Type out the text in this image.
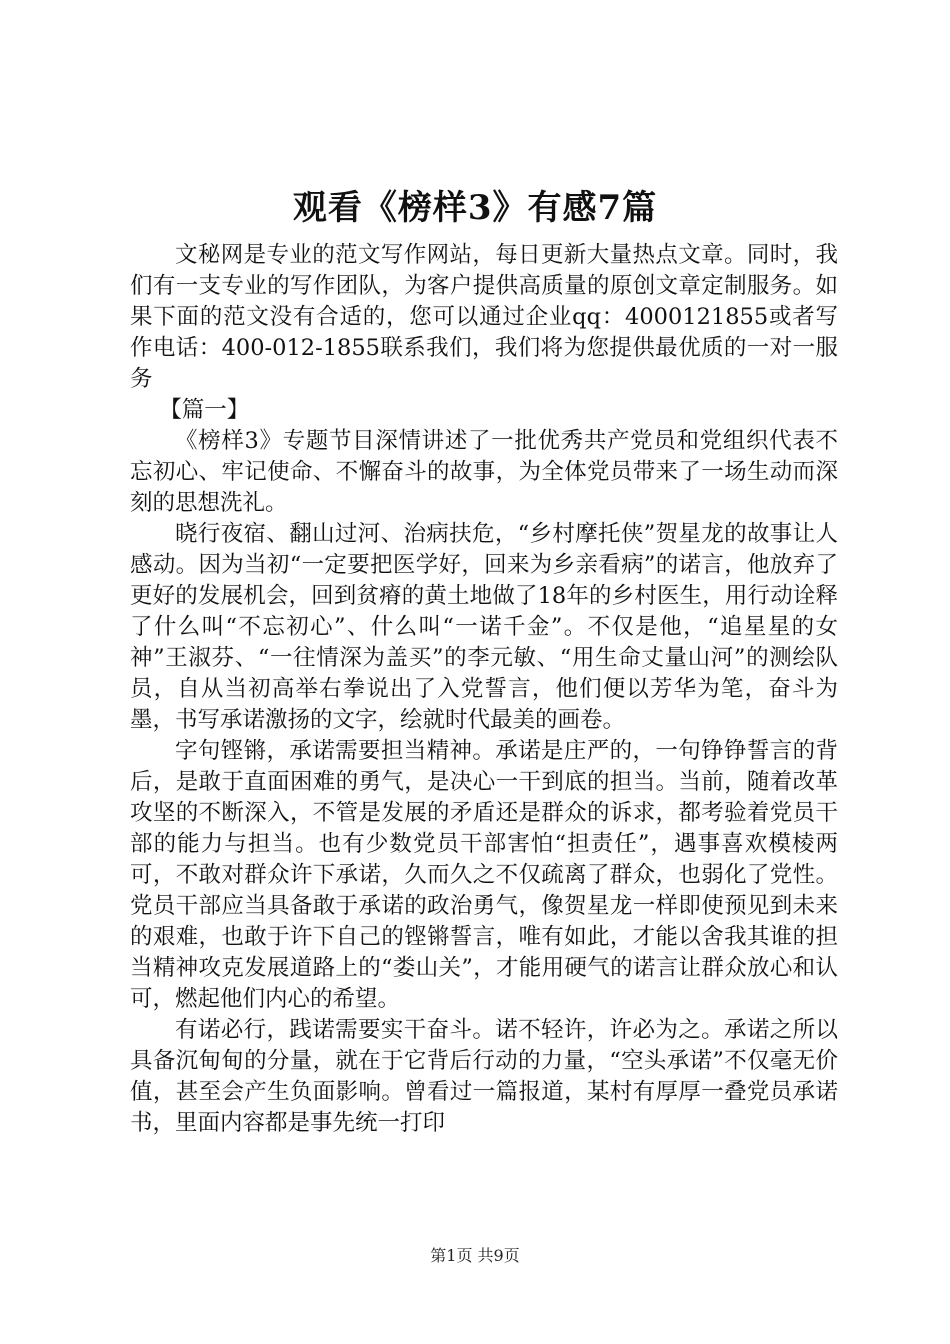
观看《榜样3》有感7篇

文秘网是专业的范文写作网站，每日更新大量热点文章。同时，我们有一支专业的写作团队，为客户提供高质量的原创文章定制服务。如果下面的范文没有合适的，您可以通过企业qq：4000121855或者写作电话：400-012-1855联系我们，我们将为您提供最优质的一对一服务

【篇一】

《榜样3》专题节目深情讲述了一批优秀共产党员和党组织代表不忘初心、牢记使命、不懈奋斗的故事，为全体党员带来了一场生动而深刻的思想洗礼。

晓行夜宿、翻山过河、治病扶危，“乡村摩托侠”贺星龙的故事让人感动。因为当初“一定要把医学好，回来为乡亲看病”的诺言，他放弃了更好的发展机会，回到贫瘠的黄土地做了18年的乡村医生，用行动诠释了什么叫“不忘初心”、什么叫“一诺千金”。不仅是他，“追星星的女神”王淑芬、“一往情深为盖买”的李元敏、“用生命丈量山河”的测绘队员，自从当初高举右拳说出了入党誓言，他们便以芳华为笔，奋斗为墨，书写承诺激扬的文字，绘就时代最美的画卷。

字句铿锵，承诺需要担当精神。承诺是庄严的，一句铮铮誓言的背后，是敢于直面困难的勇气，是决心一干到底的担当。当前，随着改革攻坚的不断深入，不管是发展的矛盾还是群众的诉求，都考验着党员干部的能力与担当。也有少数党员干部害怕“担责任”，遇事喜欢模棱两可，不敢对群众许下承诺，久而久之不仅疏离了群众，也弱化了党性。党员干部应当具备敢于承诺的政治勇气，像贺星龙一样即使预见到未来的艰难，也敢于许下自己的铿锵誓言，唯有如此，才能以舍我其谁的担当精神攻克发展道路上的“娄山关”，才能用硬气的诺言让群众放心和认可，燃起他们内心的希望。

有诺必行，践诺需要实干奋斗。诺不轻许，许必为之。承诺之所以具备沉甸甸的分量，就在于它背后行动的力量，“空头承诺”不仅毫无价值，甚至会产生负面影响。曾看过一篇报道，某村有厚厚一叠党员承诺书，里面内容都是事先统一打印

第1页 共9页
